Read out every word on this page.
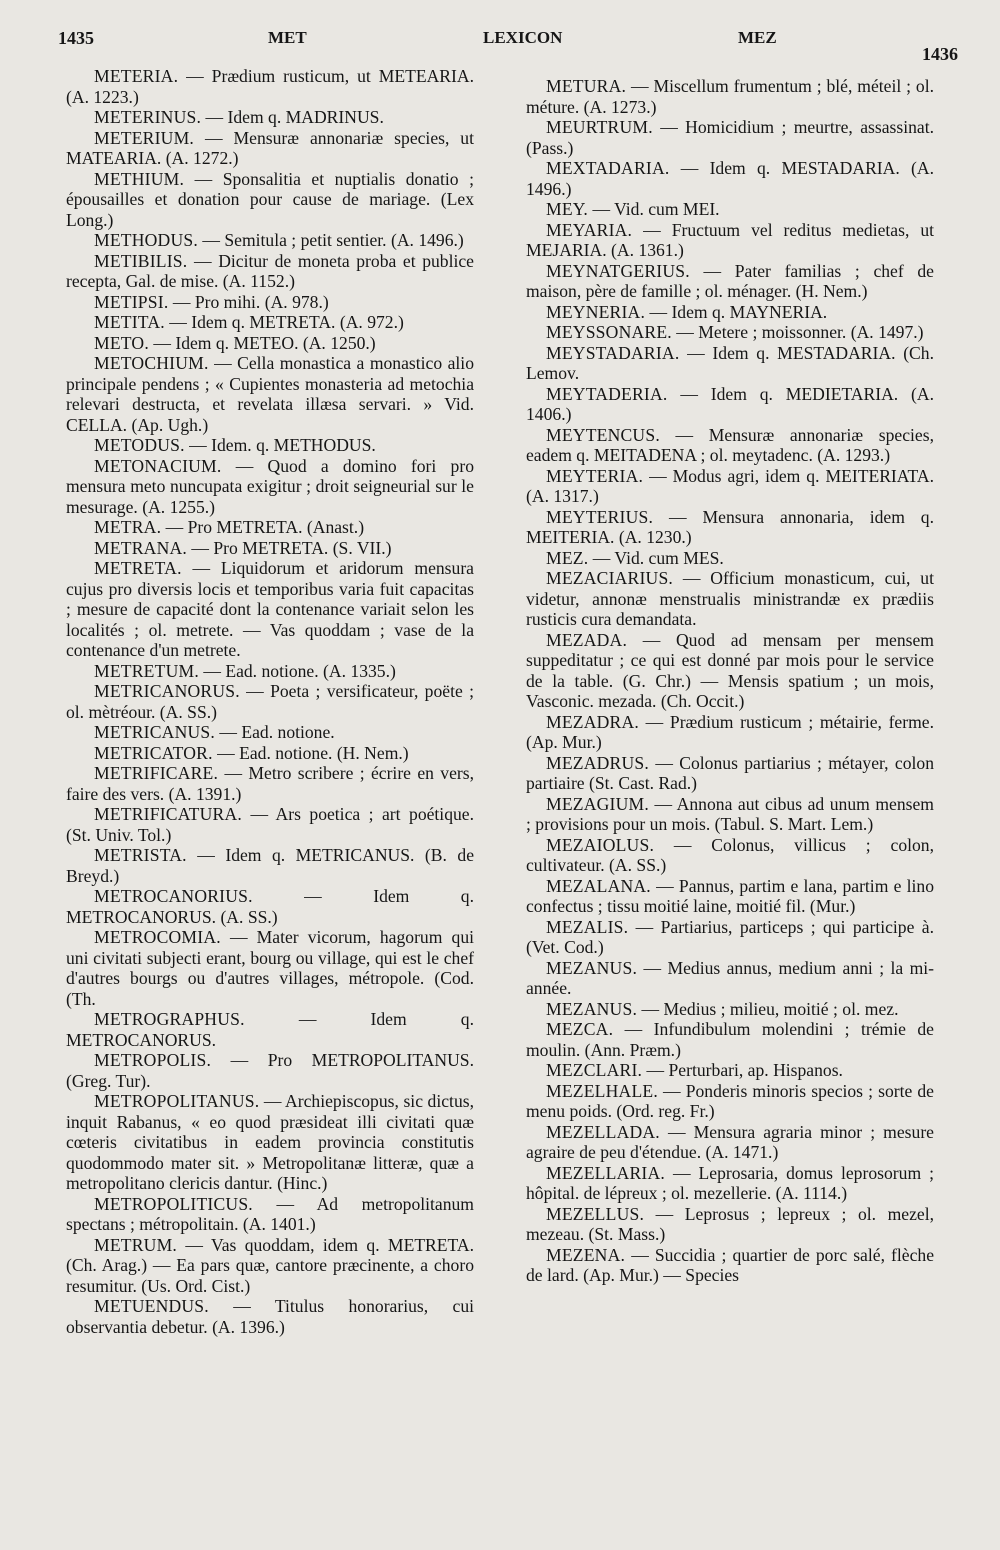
1435	MET	LEXICON	MEZ
1436

METERIA. — Prædium rusticum, ut METEARIA. (A. 1223.)

METERINUS. — Idem q. MADRINUS.

METERIUM. — Mensuræ annonariæ species, ut MATEARIA. (A. 1272.)

METHIUM. — Sponsalitia et nuptialis donatio ; épousailles et donation pour cause de mariage. (Lex Long.)

METHODUS. — Semitula ; petit sentier. (A. 1496.)

METIBILIS. — Dicitur de moneta proba et publice recepta, Gal. de mise. (A. 1152.)

METIPSI. — Pro mihi. (A. 978.)

METITA. — Idem q. METRETA. (A. 972.)

METO. — Idem q. METEO. (A. 1250.)

METOCHIUM. — Cella monastica a monastico alio principale pendens ; « Cupientes monasteria ad metochia relevari destructa, et revelata illæsa servari. » Vid. CELLA. (Ap. Ugh.)

METODUS. — Idem. q. METHODUS.

METONACIUM. — Quod a domino fori pro mensura meto nuncupata exigitur ; droit seigneurial sur le mesurage. (A. 1255.)

METRA. — Pro METRETA. (Anast.)

METRANA. — Pro METRETA. (S. VII.)

METRETA. — Liquidorum et aridorum mensura cujus pro diversis locis et temporibus varia fuit capacitas ; mesure de capacité dont la contenance variait selon les localités ; ol. metrete. — Vas quoddam ; vase de la contenance d'un metrete.

METRETUM. — Ead. notione. (A. 1335.)

METRICANORUS. — Poeta ; versificateur, poëte ; ol. mètréour. (A. SS.)

METRICANUS. — Ead. notione.

METRICATOR. — Ead. notione. (H. Nem.)

METRIFICARE. — Metro scribere ; écrire en vers, faire des vers. (A. 1391.)

METRIFICATURA. — Ars poetica ; art poétique. (St. Univ. Tol.)

METRISTA. — Idem q. METRICANUS. (B. de Breyd.)

METROCANORIUS.	— Idem q. METROCANORUS. (A. SS.)

METROCOMIA. — Mater vicorum, hagorum qui uni civitati subjecti erant, bourg ou village, qui est le chef d'autres bourgs ou d'autres villages, métropole. (Cod. (Th.

METROGRAPHUS.	— Idem q. METROCANORUS.

METROPOLIS. — Pro METROPOLITANUS. (Greg. Tur).

METROPOLITANUS. — Archiepiscopus, sic dictus, inquit Rabanus, « eo quod præsideat illi civitati quæ cœteris civitatibus in eadem provincia constitutis quodommodo mater sit. » Metropolitanæ litteræ, quæ a metropolitano clericis dantur. (Hinc.)

METROPOLITICUS. — Ad metropolitanum spectans ; métropolitain. (A. 1401.)

METRUM. — Vas quoddam, idem q. METRETA. (Ch. Arag.) — Ea pars quæ, cantore præcinente, a choro resumitur. (Us. Ord. Cist.)

METUENDUS. — Titulus honorarius, cui observantia debetur. (A. 1396.)

METURA. — Miscellum frumentum ; blé, méteil ; ol. méture. (A. 1273.)

MEURTRUM. — Homicidium ; meurtre, assassinat. (Pass.)

MEXTADARIA. — Idem q. MESTADARIA. (A. 1496.)

MEY. — Vid. cum MEI.

MEYARIA. — Fructuum vel reditus medietas, ut MEJARIA. (A. 1361.)

MEYNATGERIUS. — Pater familias ; chef de maison, père de famille ; ol. ménager. (H. Nem.)

MEYNERIA. — Idem q. MAYNERIA.

MEYSSONARE. — Metere ; moissonner. (A. 1497.)

MEYSTADARIA. — Idem q. MESTADARIA. (Ch. Lemov.

MEYTADERIA. — Idem q. MEDIETARIA. (A. 1406.)

MEYTENCUS. — Mensuræ annonariæ species, eadem q. MEITADENA ; ol. meytadenc. (A. 1293.)

MEYTERIA. — Modus agri, idem q. MEITERIATA. (A. 1317.)

MEYTERIUS. — Mensura annonaria, idem q. MEITERIA. (A. 1230.)

MEZ. — Vid. cum MES.

MEZACIARIUS. — Officium monasticum, cui, ut videtur, annonæ menstrualis ministrandæ ex prædiis rusticis cura demandata.

MEZADA. — Quod ad mensam per mensem suppeditatur ; ce qui est donné par mois pour le service de la table. (G. Chr.) — Mensis spatium ; un mois, Vasconic. mezada. (Ch. Occit.)

MEZADRA. — Prædium rusticum ; métairie, ferme. (Ap. Mur.)

MEZADRUS. — Colonus partiarius ; métayer, colon partiaire (St. Cast. Rad.)

MEZAGIUM. — Annona aut cibus ad unum mensem ; provisions pour un mois. (Tabul. S. Mart. Lem.)

MEZAIOLUS. — Colonus, villicus ; colon, cultivateur. (A. SS.)

MEZALANA. — Pannus, partim e lana, partim e lino confectus ; tissu moitié laine, moitié fil. (Mur.)

MEZALIS. — Partiarius, particeps ; qui participe à. (Vet. Cod.)

MEZANUS. — Medius annus, medium anni ; la mi-année.

MEZANUS. — Medius ; milieu, moitié ; ol. mez.

MEZCA. — Infundibulum molendini ; trémie de moulin. (Ann. Præm.)

MEZCLARI. — Perturbari, ap. Hispanos.

MEZELHALE. — Ponderis minoris specios ; sorte de menu poids. (Ord. reg. Fr.)

MEZELLADA. — Mensura agraria minor ; mesure agraire de peu d'étendue. (A. 1471.)

MEZELLARIA. — Leprosaria, domus leprosorum ; hôpital. de lépreux ; ol. mezellerie. (A. 1114.)

MEZELLUS. — Leprosus ; lepreux ; ol. mezel, mezeau. (St. Mass.)

MEZENA. — Succidia ; quartier de porc salé, flèche de lard. (Ap. Mur.) — Species
